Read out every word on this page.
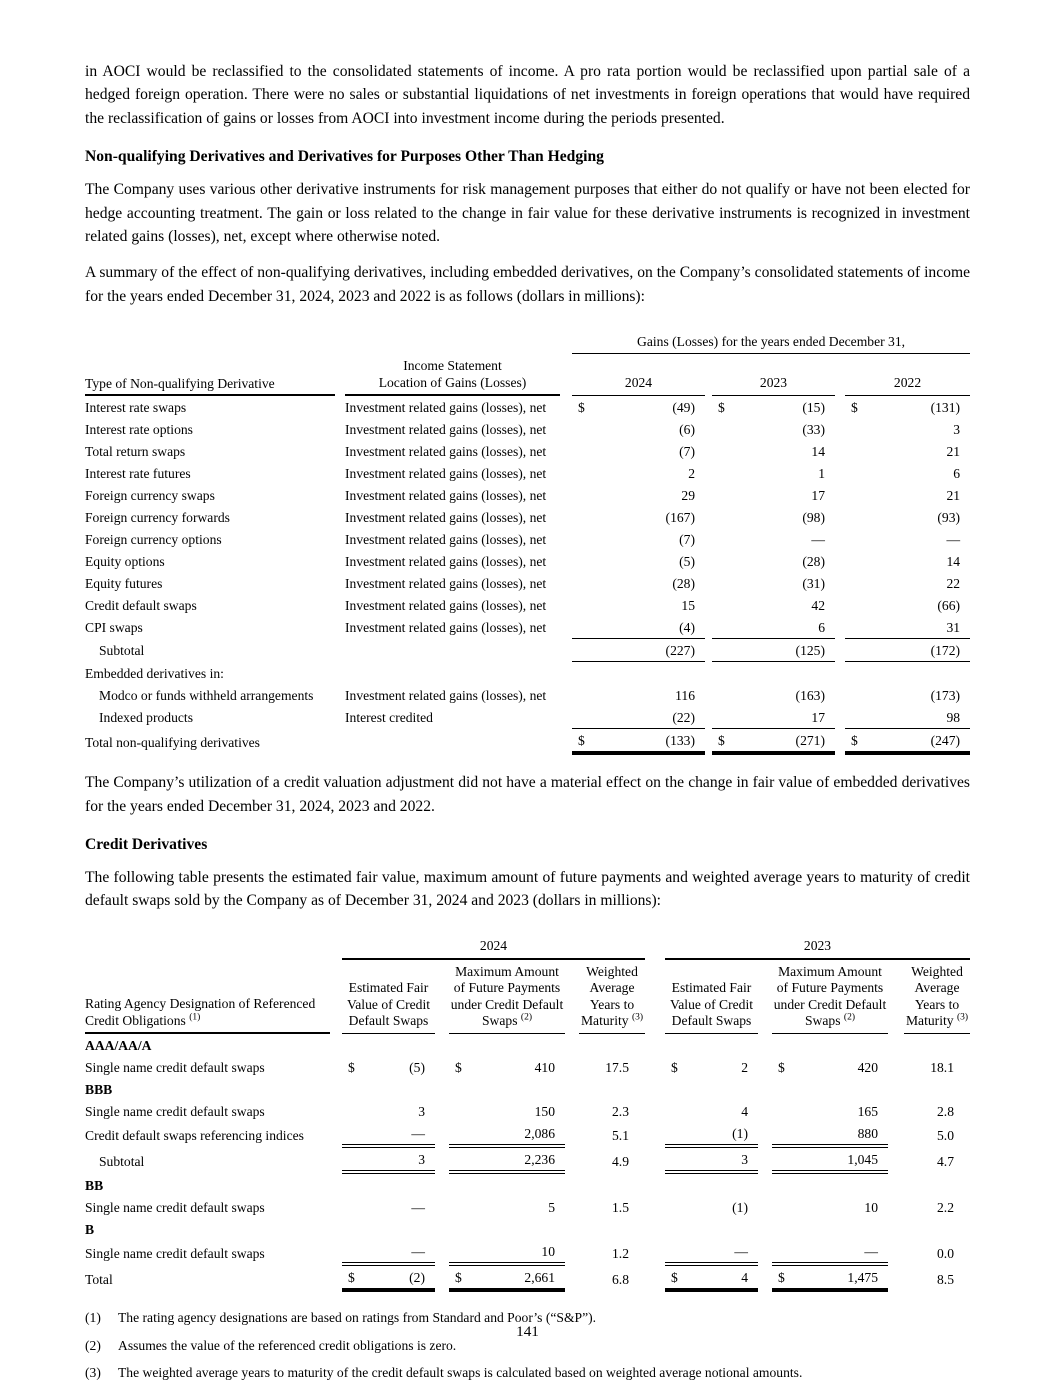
in AOCI would be reclassified to the consolidated statements of income. A pro rata portion would be reclassified upon partial sale of a hedged foreign operation. There were no sales or substantial liquidations of net investments in foreign operations that would have required the reclassification of gains or losses from AOCI into investment income during the periods presented.

Non-qualifying Derivatives and Derivatives for Purposes Other Than Hedging

The Company uses various other derivative instruments for risk management purposes that either do not qualify or have not been elected for hedge accounting treatment. The gain or loss related to the change in fair value for these derivative instruments is recognized in investment related gains (losses), net, except where otherwise noted.

A summary of the effect of non-qualifying derivatives, including embedded derivatives, on the Company’s consolidated statements of income for the years ended December 31, 2024, 2023 and 2022 is as follows (dollars in millions):

				Gains (Losses) for the years ended December 31,				

Type of Non-qualifying Derivative		Income Statement
Location of Gains (Losses)		2024		2023		2022
Interest rate swaps		Investment related gains (losses), net		$ (49)		$ (15)		$ (131)

Interest rate options		Investment related gains (losses), net		(6)		(33)		3
Total return swaps		Investment related gains (losses), net		(7)		14		21
Interest rate futures		Investment related gains (losses), net		2		1		6
Foreign currency swaps		Investment related gains (losses), net		29		17		21
Foreign currency forwards		Investment related gains (losses), net		(167)		(98)		(93)
Foreign currency options		Investment related gains (losses), net		(7)		—		—
Equity options		Investment related gains (losses), net		(5)		(28)		14
Equity futures		Investment related gains (losses), net		(28)		(31)		22
Credit default swaps		Investment related gains (losses), net		15		42		(66)
CPI swaps		Investment related gains (losses), net		(4)		6		31
Subtotal				(227)		(125)		(172)
Embedded derivatives in:								
Modco or funds withheld arrangements		Investment related gains (losses), net		116		(163)		(173)
Indexed products		Interest credited		(22)		17		98
Total non-qualifying derivatives				$ (133)		$ (271)		$ (247)

The Company’s utilization of a credit valuation adjustment did not have a material effect on the change in fair value of embedded derivatives for the years ended December 31, 2024, 2023 and 2022.

Credit Derivatives

The following table presents the estimated fair value, maximum amount of future payments and weighted average years to maturity of credit default swaps sold by the Company as of December 31, 2024 and 2023 (dollars in millions):

		2024						2023				

Rating Agency Designation of Referenced Credit Obligations $^{(1)}$		Estimated Fair Value of Credit Default Swaps		Maximum Amount of Future Payments under Credit Default Swaps $^{(2)}$		Weighted Average Years to Maturity $^{(3)}$		Estimated Fair Value of Credit Default Swaps		Maximum Amount of Future Payments under Credit Default Swaps $^{(2)}$		Weighted Average Years to Maturity $^{(3)}$
AAA/AA/A												
Single name credit default swaps		$ (5)		$ 410		17.5		$ 2		$ 420		18.1
BBB												
Single name credit default swaps		3		150		2.3		4		165		2.8
Credit default swaps referencing indices		—		2,086		5.1		(1)		880		5.0
Subtotal		3		2,236		4.9		3		1,045		4.7
BB												
Single name credit default swaps		—		5		1.5		(1)		10		2.2
B												
Single name credit default swaps		—		10		1.2		—		—		0.0
Total		$ (2)		$ 2,661		6.8		$ 4		$ 1,475		8.5
(1)	The rating agency designations are based on ratings from Standard and Poor’s (“S&P”).
(2)	Assumes the value of the referenced credit obligations is zero.
(3)	The weighted average years to maturity of the credit default swaps is calculated based on weighted average notional amounts.
141
